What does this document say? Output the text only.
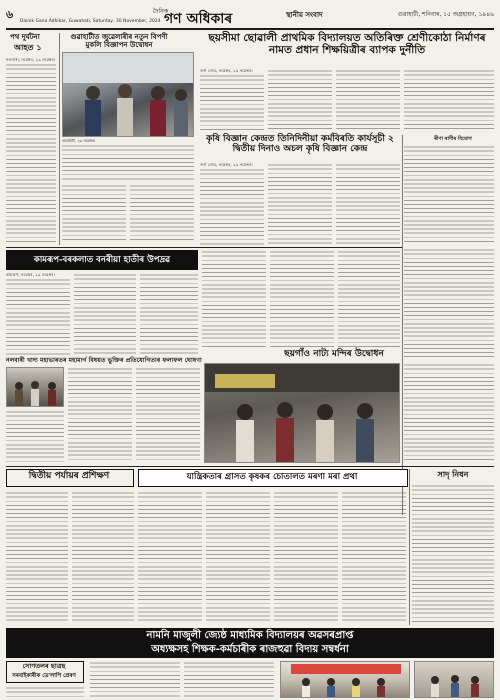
৬
Dainik Gana Adhikar, Guwahati, Saturday, 30 November, 2024
দৈনিক
গণ অধিকাৰ	স্থানীয় সংবাদ	গুৱাহাটী, শনিবাৰ, ১৫ অগ্ৰহায়ণ, ১৯৪৬
পথ দুৰ্ঘটনা
আহত ১
নলবাৰী, নৱেম্বৰ, ২৯ নৱেম্বৰ।
গুৱাহাটীত জুৱেলাৰীৰ নতুন বিপণী মুকলি বিজ্ঞাপন উদ্বোধন
গুৱাহাটী, ২৯ নৱেম্বৰ।
ছয়সীমা ছোৱালী প্ৰাথমিক বিদ্যালয়ত অতিৰিক্ত শ্ৰেণীকোঠা নিৰ্মাণৰ নামত প্ৰধান শিক্ষয়িত্ৰীৰ ব্যাপক দুৰ্নীতি
জগ ৰোড, নৱেম্বৰ, ২৯ নৱেম্বৰ।
কৃষি বিজ্ঞান কেন্দ্ৰত তিনিদিনীয়া কৰ্মবিৰতি কাৰ্যসূচী ২ দ্বিতীয় দিনাও অচল কৃষি বিজ্ঞান কেন্দ্ৰ
জগ ৰোড, নৱেম্বৰ, ২৯ নৱেম্বৰ।
ৰীণা ৰাণীৰ বিয়োগ
কামৰূপ-বৰকলাত বনৰীয়া হাতীৰ উপদ্ৰৱ
কামৰূপ, নৱেম্বৰ, ২৯ নৱেম্বৰ।
নলবাৰী খাদ্য মহাভাৰতৰ মহামাৰ্গ বিষয়ত ভুক্তিৰ প্ৰতিযোগিতাৰ ফলাফল ঘোষণা
ছয়গাঁও নাট্য মন্দিৰ উদ্বোধন
দ্বিতীয় পৰ্যায়ৰ প্ৰশিক্ষণ	যান্ত্ৰিকতাৰ গ্ৰাসত কৃষকৰ চোতালত মৰণা মৰা প্ৰথা	সাদৃ নিধন
নামনি মাজুলী জ্যেষ্ঠ মাধ্যমিক বিদ্যালয়ৰ অৱসৰপ্ৰাপ্ত
অধ্যক্ষসহ শিক্ষক-কৰ্মচাৰীক ৰাজহুৱা বিদায় সম্বৰ্ধনা
সোণতলৰ ছাত্ৰছ
সৰবাইকাৰীক ডে'লাপি প্ৰেৰণ
